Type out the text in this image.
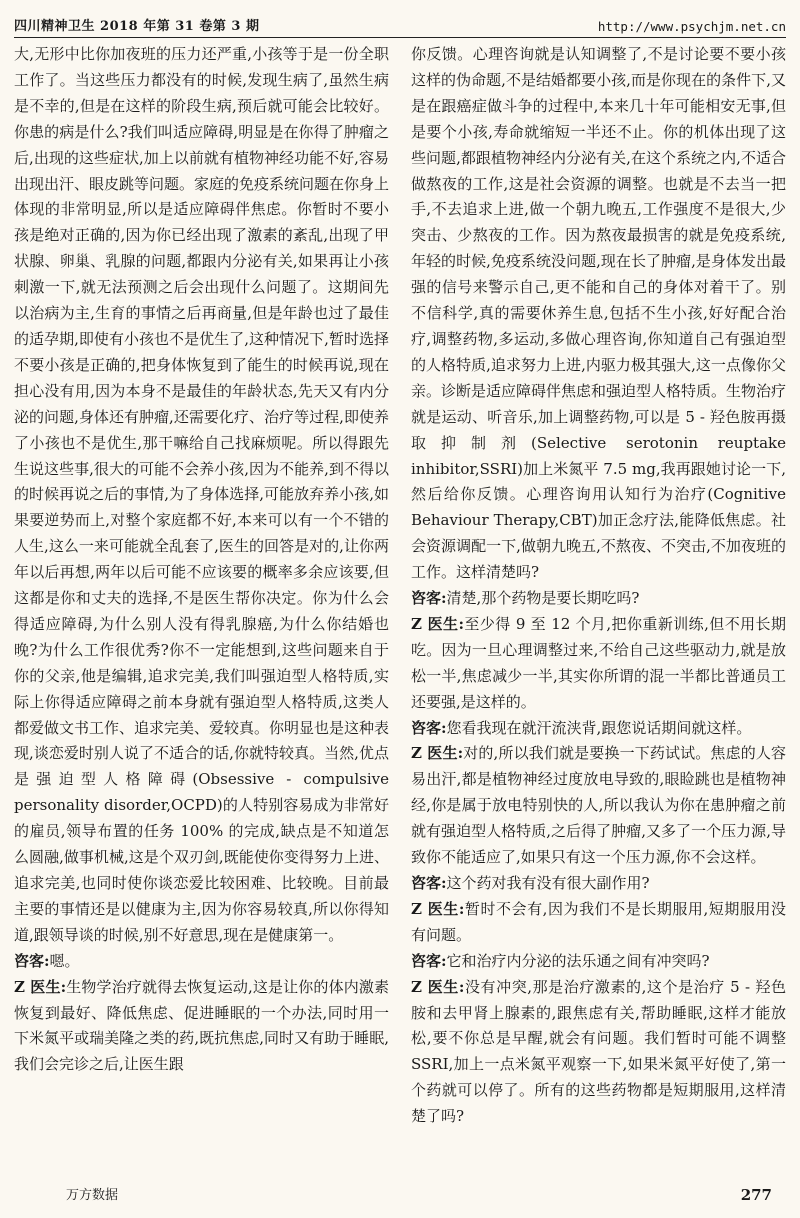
四川精神卫生 2018 年第 31 卷第 3 期	http://www.psychjm.net.cn

大,无形中比你加夜班的压力还严重,小孩等于是一份全职工作了。当这些压力都没有的时候,发现生病了,虽然生病是不幸的,但是在这样的阶段生病,预后就可能会比较好。你患的病是什么?我们叫适应障碍,明显是在你得了肿瘤之后,出现的这些症状,加上以前就有植物神经功能不好,容易出现出汗、眼皮跳等问题。家庭的免疫系统问题在你身上体现的非常明显,所以是适应障碍伴焦虑。你暂时不要小孩是绝对正确的,因为你已经出现了激素的紊乱,出现了甲状腺、卵巢、乳腺的问题,都跟内分泌有关,如果再让小孩刺激一下,就无法预测之后会出现什么问题了。这期间先以治病为主,生育的事情之后再商量,但是年龄也过了最佳的适孕期,即使有小孩也不是优生了,这种情况下,暂时选择不要小孩是正确的,把身体恢复到了能生的时候再说,现在担心没有用,因为本身不是最佳的年龄状态,先天又有内分泌的问题,身体还有肿瘤,还需要化疗、治疗等过程,即使养了小孩也不是优生,那干嘛给自己找麻烦呢。所以得跟先生说这些事,很大的可能不会养小孩,因为不能养,到不得以的时候再说之后的事情,为了身体选择,可能放弃养小孩,如果要逆势而上,对整个家庭都不好,本来可以有一个不错的人生,这么一来可能就全乱套了,医生的回答是对的,让你两年以后再想,两年以后可能不应该要的概率多余应该要,但这都是你和丈夫的选择,不是医生帮你决定。你为什么会得适应障碍,为什么别人没有得乳腺癌,为什么你结婚也晚?为什么工作很优秀?你不一定能想到,这些问题来自于你的父亲,他是编辑,追求完美,我们叫强迫型人格特质,实际上你得适应障碍之前本身就有强迫型人格特质,这类人都爱做文书工作、追求完美、爱较真。你明显也是这种表现,谈恋爱时别人说了不适合的话,你就特较真。当然,优点是强迫型人格障碍(Obsessive - compulsive personality disorder,OCPD)的人特别容易成为非常好的雇员,领导布置的任务 100% 的完成,缺点是不知道怎么圆融,做事机械,这是个双刃剑,既能使你变得努力上进、追求完美,也同时使你谈恋爱比较困难、比较晚。目前最主要的事情还是以健康为主,因为你容易较真,所以你得知道,跟领导谈的时候,别不好意思,现在是健康第一。

咨客:嗯。

Z 医生:生物学治疗就得去恢复运动,这是让你的体内激素恢复到最好、降低焦虑、促进睡眠的一个办法,同时用一下米氮平或瑞美隆之类的药,既抗焦虑,同时又有助于睡眠,我们会完诊之后,让医生跟

你反馈。心理咨询就是认知调整了,不是讨论要不要小孩这样的伪命题,不是结婚都要小孩,而是你现在的条件下,又是在跟癌症做斗争的过程中,本来几十年可能相安无事,但是要个小孩,寿命就缩短一半还不止。你的机体出现了这些问题,都跟植物神经内分泌有关,在这个系统之内,不适合做熬夜的工作,这是社会资源的调整。也就是不去当一把手,不去追求上进,做一个朝九晚五,工作强度不是很大,少突击、少熬夜的工作。因为熬夜最损害的就是免疫系统,年轻的时候,免疫系统没问题,现在长了肿瘤,是身体发出最强的信号来警示自己,更不能和自己的身体对着干了。别不信科学,真的需要休养生息,包括不生小孩,好好配合治疗,调整药物,多运动,多做心理咨询,你知道自己有强迫型的人格特质,追求努力上进,内驱力极其强大,这一点像你父亲。诊断是适应障碍伴焦虑和强迫型人格特质。生物治疗就是运动、听音乐,加上调整药物,可以是 5 - 羟色胺再摄取抑制剂(Selective serotonin reuptake inhibitor,SSRI)加上米氮平 7.5 mg,我再跟她讨论一下,然后给你反馈。心理咨询用认知行为治疗(Cognitive Behaviour Therapy,CBT)加正念疗法,能降低焦虑。社会资源调配一下,做朝九晚五,不熬夜、不突击,不加夜班的工作。这样清楚吗?

咨客:清楚,那个药物是要长期吃吗?

Z 医生:至少得 9 至 12 个月,把你重新训练,但不用长期吃。因为一旦心理调整过来,不给自己这些驱动力,就是放松一半,焦虑减少一半,其实你所谓的混一半都比普通员工还要强,是这样的。

咨客:您看我现在就汗流浃背,跟您说话期间就这样。

Z 医生:对的,所以我们就是要换一下药试试。焦虑的人容易出汗,都是植物神经过度放电导致的,眼睑跳也是植物神经,你是属于放电特别快的人,所以我认为你在患肿瘤之前就有强迫型人格特质,之后得了肿瘤,又多了一个压力源,导致你不能适应了,如果只有这一个压力源,你不会这样。

咨客:这个药对我有没有很大副作用?

Z 医生:暂时不会有,因为我们不是长期服用,短期服用没有问题。

咨客:它和治疗内分泌的法乐通之间有冲突吗?

Z 医生:没有冲突,那是治疗激素的,这个是治疗 5 - 羟色胺和去甲肾上腺素的,跟焦虑有关,帮助睡眠,这样才能放松,要不你总是早醒,就会有问题。我们暂时可能不调整 SSRI,加上一点米氮平观察一下,如果米氮平好使了,第一个药就可以停了。所有的这些药物都是短期服用,这样清楚了吗?

万方数据	277
